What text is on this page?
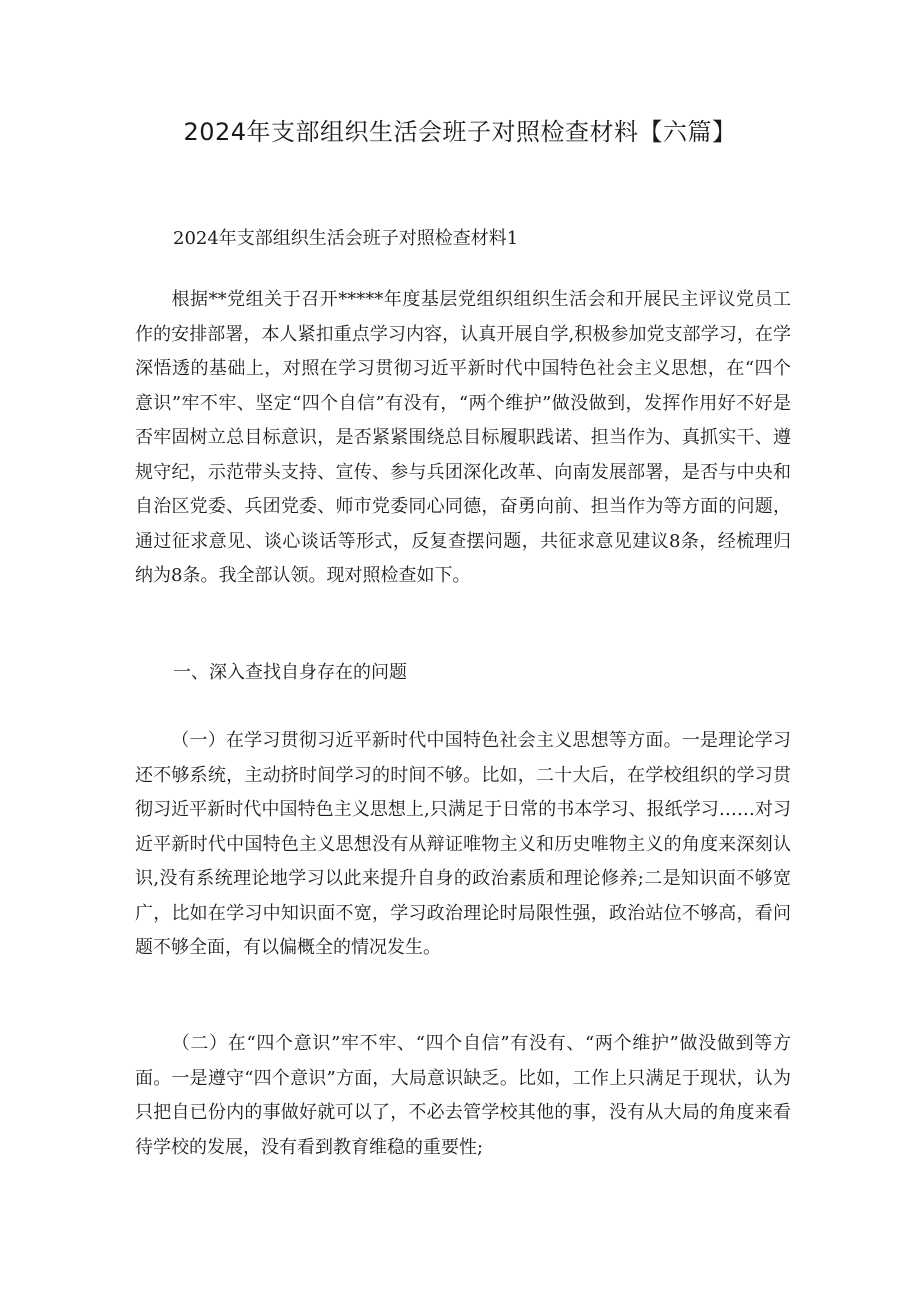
2024年支部组织生活会班子对照检查材料【六篇】

2024年支部组织生活会班子对照检查材料1

根据**党组关于召开*****年度基层党组织组织生活会和开展民主评议党员工作的安排部署，本人紧扣重点学习内容，认真开展自学,积极参加党支部学习，在学深悟透的基础上，对照在学习贯彻习近平新时代中国特色社会主义思想，在“四个意识”牢不牢、坚定“四个自信”有没有，“两个维护”做没做到，发挥作用好不好是否牢固树立总目标意识，是否紧紧围绕总目标履职践诺、担当作为、真抓实干、遵规守纪，示范带头支持、宣传、参与兵团深化改革、向南发展部署，是否与中央和自治区党委、兵团党委、师市党委同心同德，奋勇向前、担当作为等方面的问题，通过征求意见、谈心谈话等形式，反复查摆问题，共征求意见建议8条，经梳理归纳为8条。我全部认领。现对照检查如下。

一、深入查找自身存在的问题

（一）在学习贯彻习近平新时代中国特色社会主义思想等方面。一是理论学习还不够系统，主动挤时间学习的时间不够。比如，二十大后，在学校组织的学习贯彻习近平新时代中国特色主义思想上,只满足于日常的书本学习、报纸学习……对习近平新时代中国特色主义思想没有从辩证唯物主义和历史唯物主义的角度来深刻认识,没有系统理论地学习以此来提升自身的政治素质和理论修养;二是知识面不够宽广，比如在学习中知识面不宽，学习政治理论时局限性强，政治站位不够高，看问题不够全面，有以偏概全的情况发生。

（二）在“四个意识”牢不牢、“四个自信”有没有、“两个维护”做没做到等方面。一是遵守“四个意识”方面，大局意识缺乏。比如，工作上只满足于现状，认为只把自已份内的事做好就可以了，不必去管学校其他的事，没有从大局的角度来看待学校的发展，没有看到教育维稳的重要性;
